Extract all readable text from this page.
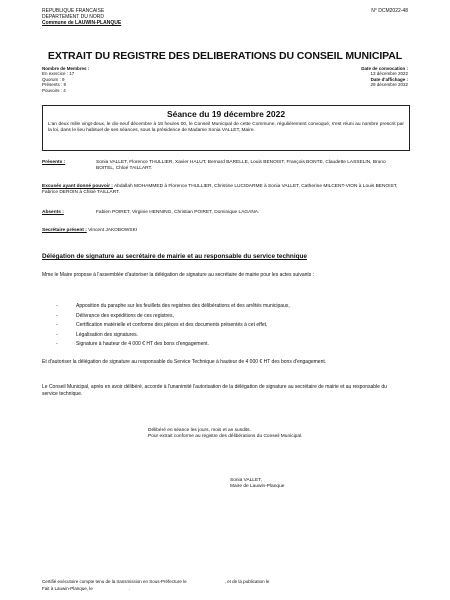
REPUBLIQUE FRANCAISE
DEPARTEMENT DU NORD
Commune de LAUWIN-PLANQUE
N° DCM2022-48
EXTRAIT DU REGISTRE DES DELIBERATIONS DU CONSEIL MUNICIPAL
Nombre de Membres :
En exercice : 17
Quorum : 9
Présents : 9
Pouvoirs : 4
Date de convocation :
13 décembre 2022
Date d'affichage :
29 décembre 2022
Séance du 19 décembre 2022
L'an deux mille vingt-deux, le dix-neuf décembre à 18 heures 00, le Conseil Municipal de cette Commune, régulièrement convoqué, s'est réuni au nombre prescrit par la loi, dans le lieu habituel de ses séances, sous la présidence de Madame Sonia VALLET, Maire.
Présents :	Sonia VALLET, Florence THULLIER, Xavier HALUT, Bernard BARELLE, Louis BENOIST, François BONTE, Claudette LASSELIN, Bruno BOITEL, Chloé TAILLART.
Excusés ayant donné pouvoir : Abdallah MOHAMMED à Florence THULLIER, Christine LUCIDARME à Sonia VALLET, Catherine MILCENT-VION à Louis BENOIST, Fabrice DEROIN à Chloé TAILLART.
Absents :	Fabien POIRET, Virginie HENNING, Christian POIRET, Dominique LAGANA.
Secrétaire présent : Vincent JAKOBOWSKI
Délégation de signature au secrétaire de mairie et au responsable du service technique
Mme le Maire propose à l'assemblée d'autoriser la délégation de signature au secrétaire de mairie pour les actes suivants :
- Apposition du paraphe sur les feuillets des registres des délibérations et des arrêtés municipaux,
- Délivrance des expéditions de ces registres,
- Certification matérielle et conforme des pièces et des documents présentés à cet effet,
- Légalisation des signatures.
- Signature à hauteur de 4 000 € HT des bons d'engagement.
Et d'autoriser la délégation de signature au responsable du Service Technique à hauteur de 4 000 € HT des bons d'engagement.
Le Conseil Municipal, après en avoir délibéré, accorde à l'unanimité l'autorisation de la délégation de signature au secrétaire de mairie et au responsable du service technique.
Délibéré en séance les jours, mois et an susdits.
Pour extrait conforme au registre des délibérations du Conseil Municipal.
Sonia VALLET,
Maire de Lauwin-Planque
Certifié exécutoire compte tenu de la transmission en Sous-Préfecture le	, et de la publication le
Fait à Lauwin-Planque, le	.
